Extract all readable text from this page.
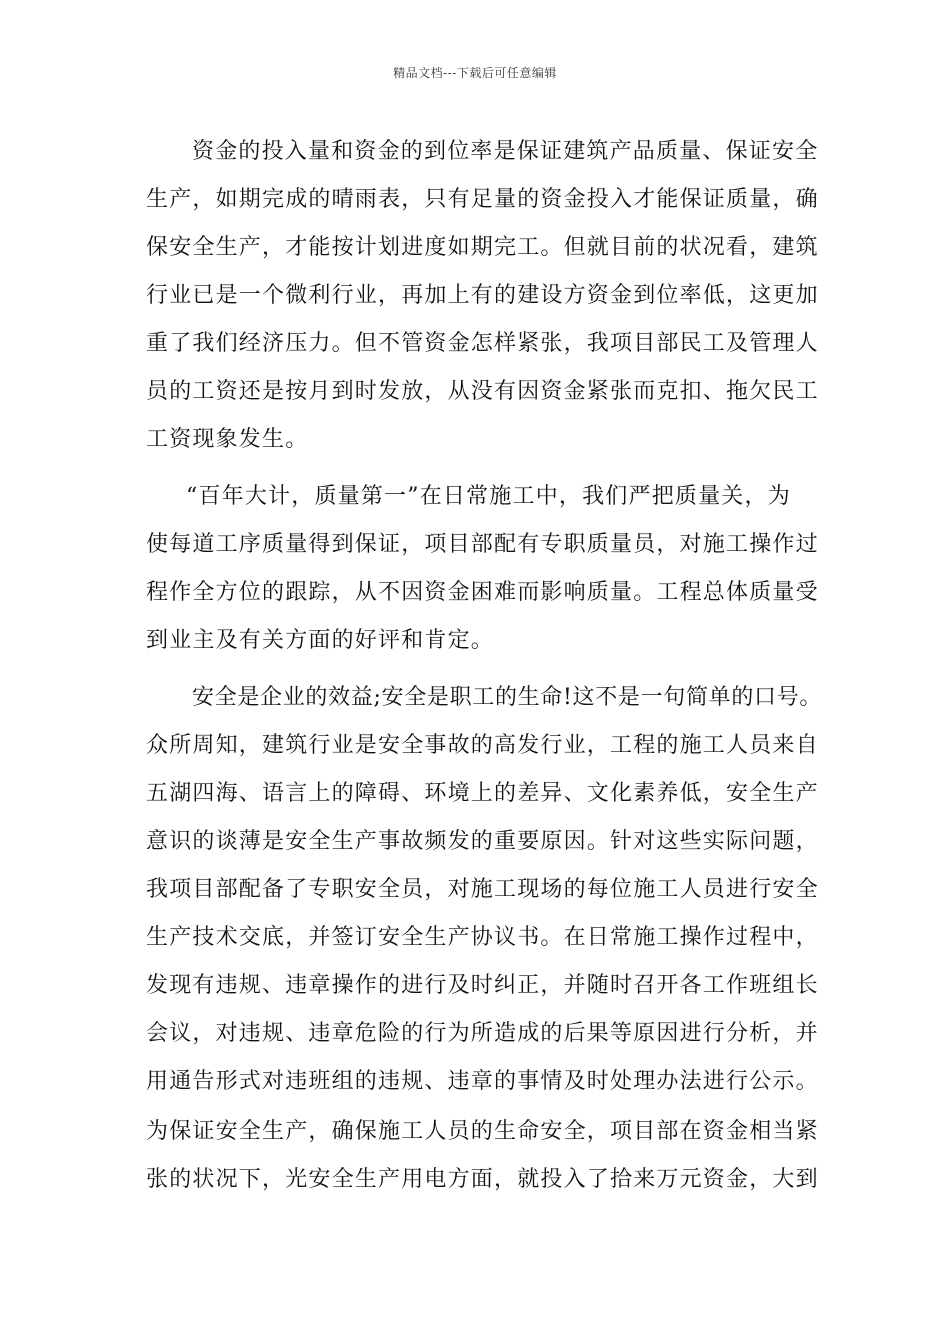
精品文档---下载后可任意编辑
资金的投入量和资金的到位率是保证建筑产品质量、保证安全
生产，如期完成的晴雨表，只有足量的资金投入才能保证质量，确
保安全生产，才能按计划进度如期完工。但就目前的状况看，建筑
行业已是一个微利行业，再加上有的建设方资金到位率低，这更加
重了我们经济压力。但不管资金怎样紧张，我项目部民工及管理人
员的工资还是按月到时发放，从没有因资金紧张而克扣、拖欠民工
工资现象发生。
“百年大计，质量第一”在日常施工中，我们严把质量关，为
使每道工序质量得到保证，项目部配有专职质量员，对施工操作过
程作全方位的跟踪，从不因资金困难而影响质量。工程总体质量受
到业主及有关方面的好评和肯定。
安全是企业的效益;安全是职工的生命!这不是一句简单的口号。
众所周知，建筑行业是安全事故的高发行业，工程的施工人员来自
五湖四海、语言上的障碍、环境上的差异、文化素养低，安全生产
意识的谈薄是安全生产事故频发的重要原因。针对这些实际问题，
我项目部配备了专职安全员，对施工现场的每位施工人员进行安全
生产技术交底，并签订安全生产协议书。在日常施工操作过程中，
发现有违规、违章操作的进行及时纠正，并随时召开各工作班组长
会议，对违规、违章危险的行为所造成的后果等原因进行分析，并
用通告形式对违班组的违规、违章的事情及时处理办法进行公示。
为保证安全生产，确保施工人员的生命安全，项目部在资金相当紧
张的状况下，光安全生产用电方面，就投入了拾来万元资金，大到
